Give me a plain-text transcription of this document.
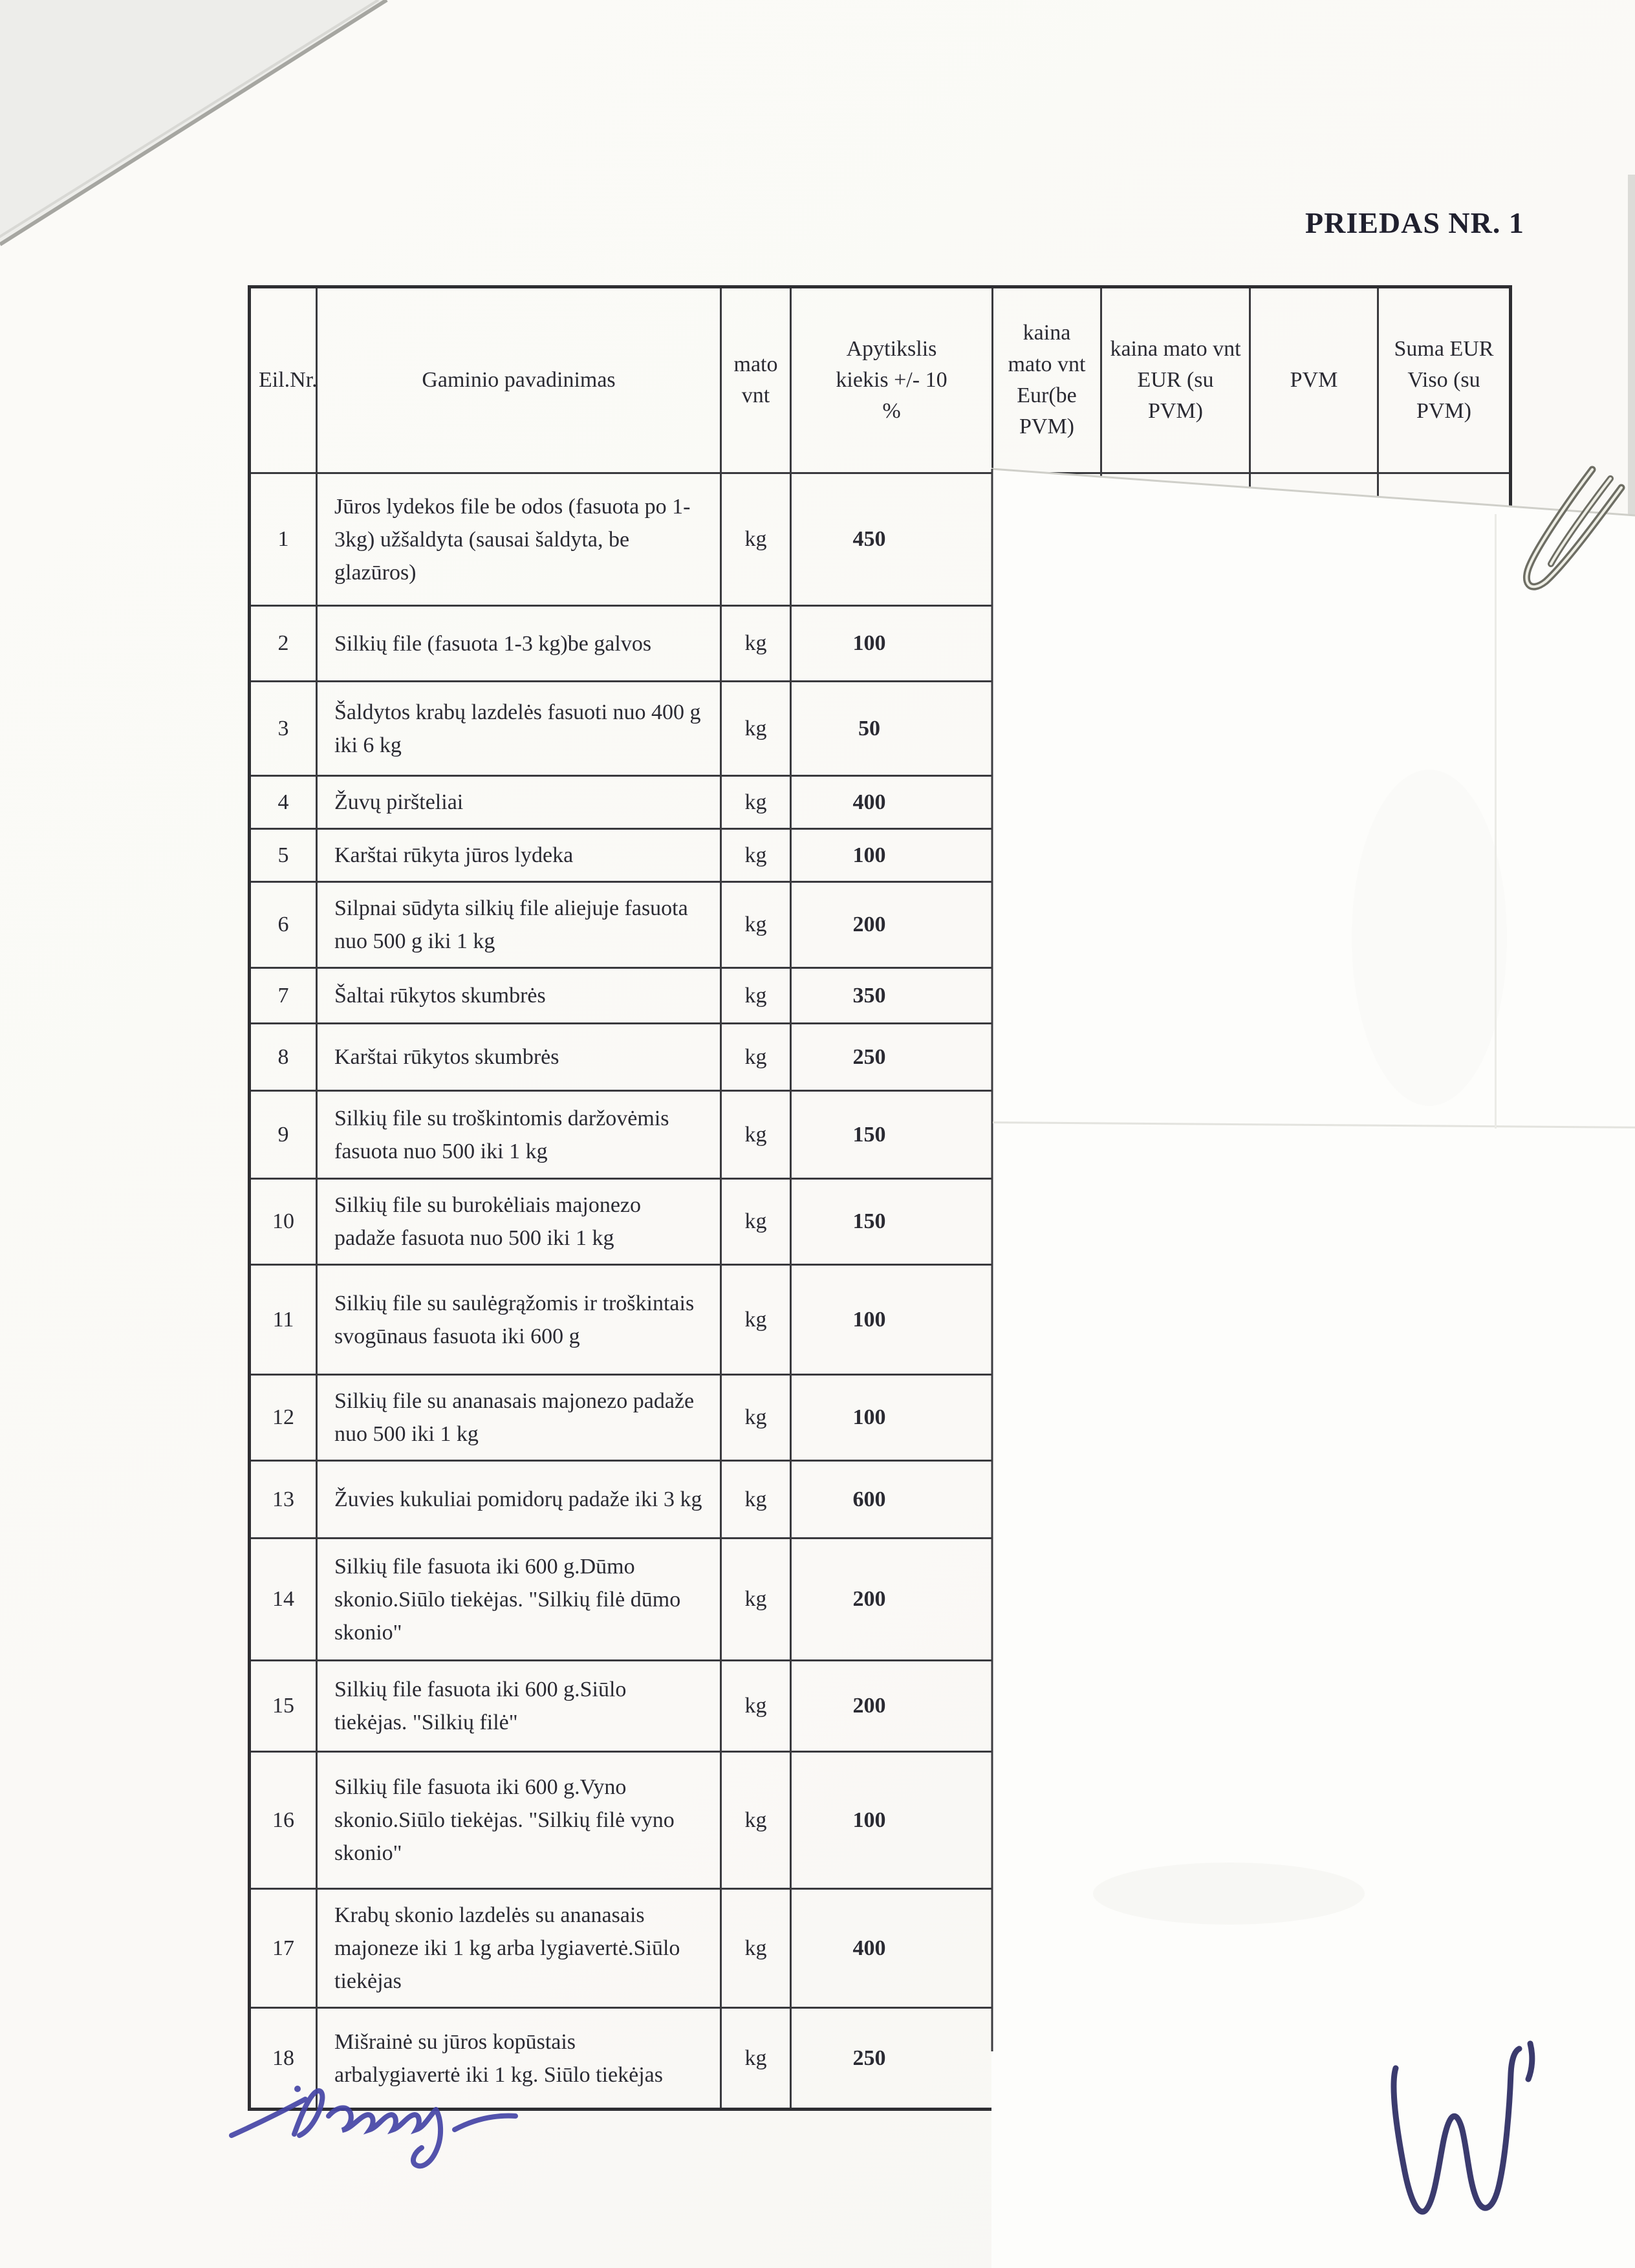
PRIEDAS NR. 1
Eil.Nr.	Gaminio pavadinimas	mato vnt	Apytikslis kiekis +/- 10 %	kaina mato vnt Eur(be PVM)	kaina mato vnt EUR (su PVM)	PVM	Suma EUR Viso (su PVM)
1	Jūros lydekos file be odos (fasuota po 1-3kg) užšaldyta (sausai šaldyta, be glazūros)	kg	450				
2	Silkių file (fasuota 1-3 kg)be galvos	kg	100				
3	Šaldytos krabų lazdelės fasuoti nuo 400 g iki 6 kg	kg	50				
4	Žuvų piršteliai	kg	400				
5	Karštai rūkyta jūros lydeka	kg	100				
6	Silpnai sūdyta silkių file aliejuje fasuota nuo 500 g iki 1 kg	kg	200				
7	Šaltai rūkytos skumbrės	kg	350				
8	Karštai rūkytos skumbrės	kg	250				
9	Silkių file su troškintomis daržovėmis fasuota nuo 500 iki 1 kg	kg	150				
10	Silkių file su burokėliais majonezo padaže fasuota nuo 500 iki 1 kg	kg	150				
11	Silkių file su saulėgrąžomis ir troškintais svogūnaus fasuota iki 600 g	kg	100				
12	Silkių file su ananasais majonezo padaže nuo 500 iki 1 kg	kg	100				
13	Žuvies kukuliai pomidorų padaže iki 3 kg	kg	600				
14	Silkių file fasuota iki 600 g.Dūmo skonio.Siūlo tiekėjas. "Silkių filė dūmo skonio"	kg	200				
15	Silkių file fasuota iki 600 g.Siūlo tiekėjas. "Silkių filė"	kg	200				
16	Silkių file fasuota iki 600 g.Vyno skonio.Siūlo tiekėjas. "Silkių filė vyno skonio"	kg	100				
17	Krabų skonio lazdelės su ananasais majoneze iki 1 kg arba lygiavertė.Siūlo tiekėjas	kg	400				
18	Mišrainė su jūros kopūstais arbalygiavertė iki 1 kg. Siūlo tiekėjas	kg	250				
